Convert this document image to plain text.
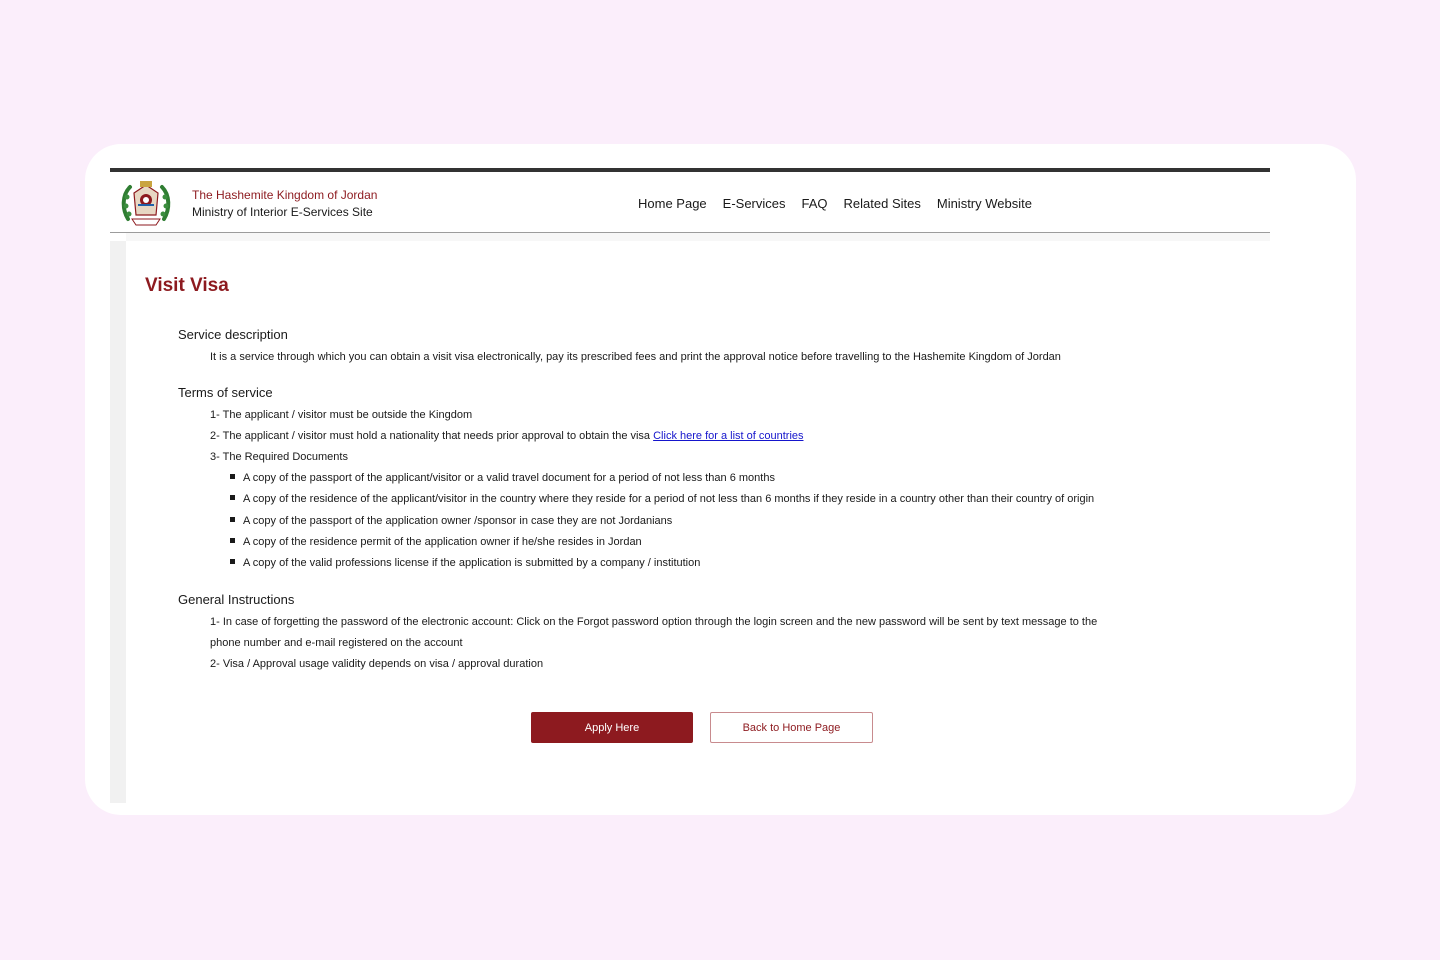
The Hashemite Kingdom of Jordan
Ministry of Interior E-Services Site
Home Page E-Services FAQ Related Sites Ministry Website
Visit Visa
Service description
It is a service through which you can obtain a visit visa electronically, pay its prescribed fees and print the approval notice before travelling to the Hashemite Kingdom of Jordan
Terms of service
1- The applicant / visitor must be outside the Kingdom
2- The applicant / visitor must hold a nationality that needs prior approval to obtain the visa Click here for a list of countries
3- The Required Documents
A copy of the passport of the applicant/visitor or a valid travel document for a period of not less than 6 months
A copy of the residence of the applicant/visitor in the country where they reside for a period of not less than 6 months if they reside in a country other than their country of origin
A copy of the passport of the application owner /sponsor in case they are not Jordanians
A copy of the residence permit of the application owner if he/she resides in Jordan
A copy of the valid professions license if the application is submitted by a company / institution
General Instructions
1- In case of forgetting the password of the electronic account: Click on the Forgot password option through the login screen and the new password will be sent by text message to the
phone number and e-mail registered on the account
2- Visa / Approval usage validity depends on visa / approval duration
Apply Here	Back to Home Page
